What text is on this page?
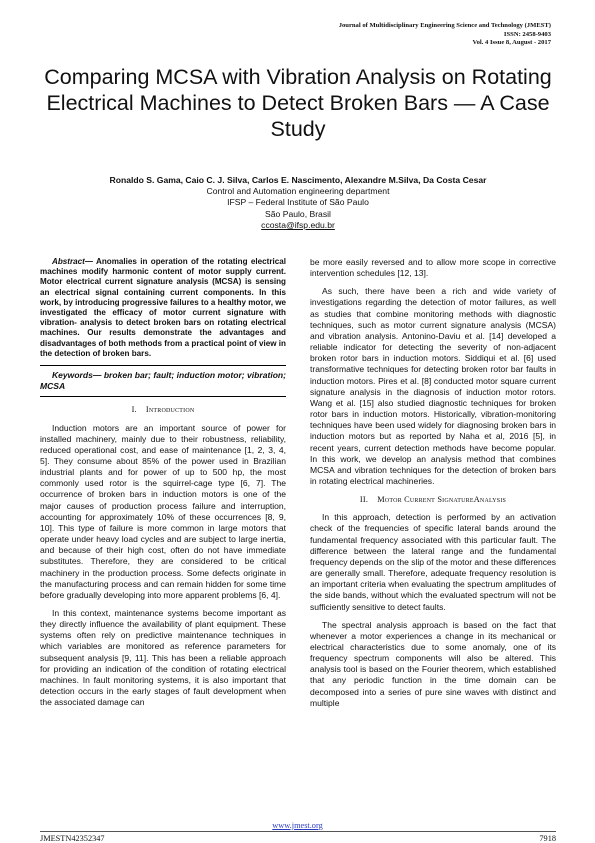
Journal of Multidisciplinary Engineering Science and Technology (JMEST)
ISSN: 2458-9403
Vol. 4 Issue 8, August - 2017
Comparing MCSA with Vibration Analysis on Rotating Electrical Machines to Detect Broken Bars — A Case Study
Ronaldo S. Gama, Caio C. J. Silva, Carlos E. Nascimento, Alexandre M.Silva, Da Costa Cesar
Control and Automation engineering department
IFSP – Federal Institute of São Paulo
São Paulo, Brasil
ccosta@ifsp.edu.br

Abstract— Anomalies in operation of the rotating electrical machines modify harmonic content of motor supply current. Motor electrical current signature analysis (MCSA) is sensing an electrical signal containing current components. In this work, by introducing progressive failures to a healthy motor, we investigated the efficacy of motor current signature with vibration- analysis to detect broken bars on rotating electrical machines. Our results demonstrate the advantages and disadvantages of both methods from a practical point of view in the detection of broken bars.

Keywords— broken bar; fault; induction motor; vibration; MCSA

I. Introduction

Induction motors are an important source of power for installed machinery, mainly due to their robustness, reliability, reduced operational cost, and ease of maintenance [1, 2, 3, 4, 5]. They consume about 85% of the power used in Brazilian industrial plants and for power of up to 500 hp, the most commonly used rotor is the squirrel-cage type [6, 7]. The occurrence of broken bars in induction motors is one of the major causes of production process failure and interruption, accounting for approximately 10% of these occurrences [8, 9, 10]. This type of failure is more common in large motors that operate under heavy load cycles and are subject to large inertia, and because of their high cost, often do not have immediate substitutes. Therefore, they are considered to be critical machinery in the production process. Some defects originate in the manufacturing process and can remain hidden for some time before gradually developing into more apparent problems [6, 4].

In this context, maintenance systems become important as they directly influence the availability of plant equipment. These systems often rely on predictive maintenance techniques in which variables are monitored as reference parameters for subsequent analysis [9, 11]. This has been a reliable approach for providing an indication of the condition of rotating electrical machines. In fault monitoring systems, it is also important that detection occurs in the early stages of fault development when the associated damage can

be more easily reversed and to allow more scope in corrective intervention schedules [12, 13].

As such, there have been a rich and wide variety of investigations regarding the detection of motor failures, as well as studies that combine monitoring methods with diagnostic techniques, such as motor current signature analysis (MCSA) and vibration analysis. Antonino-Daviu et al. [14] developed a reliable indicator for detecting the severity of non-adjacent broken rotor bars in induction motors. Siddiqui et al. [6] used transformative techniques for detecting broken rotor bar faults in induction motors. Pires et al. [8] conducted motor square current signature analysis in the diagnosis of induction motor rotors. Wang et al. [15] also studied diagnostic techniques for broken rotor bars in induction motors. Historically, vibration-monitoring techniques have been used widely for diagnosing broken bars in induction motors but as reported by Naha et al, 2016 [5], in recent years, current detection methods have become popular. In this work, we develop an analysis method that combines MCSA and vibration techniques for the detection of broken bars in rotating electrical machineries.

II. Motor Current SignatureAnalysis

In this approach, detection is performed by an activation check of the frequencies of specific lateral bands around the fundamental frequency associated with this particular fault. The difference between the lateral range and the fundamental frequency depends on the slip of the motor and these differences are generally small. Therefore, adequate frequency resolution is an important criteria when evaluating the spectrum amplitudes of the side bands, without which the evaluated spectrum will not be sufficiently sensitive to detect faults.

The spectral analysis approach is based on the fact that whenever a motor experiences a change in its mechanical or electrical characteristics due to some anomaly, one of its frequency spectrum components will also be altered. This analysis tool is based on the Fourier theorem, which established that any periodic function in the time domain can be decomposed into a series of pure sine waves with distinct and multiple

www.jmest.org
JMESTN42352347	7918
